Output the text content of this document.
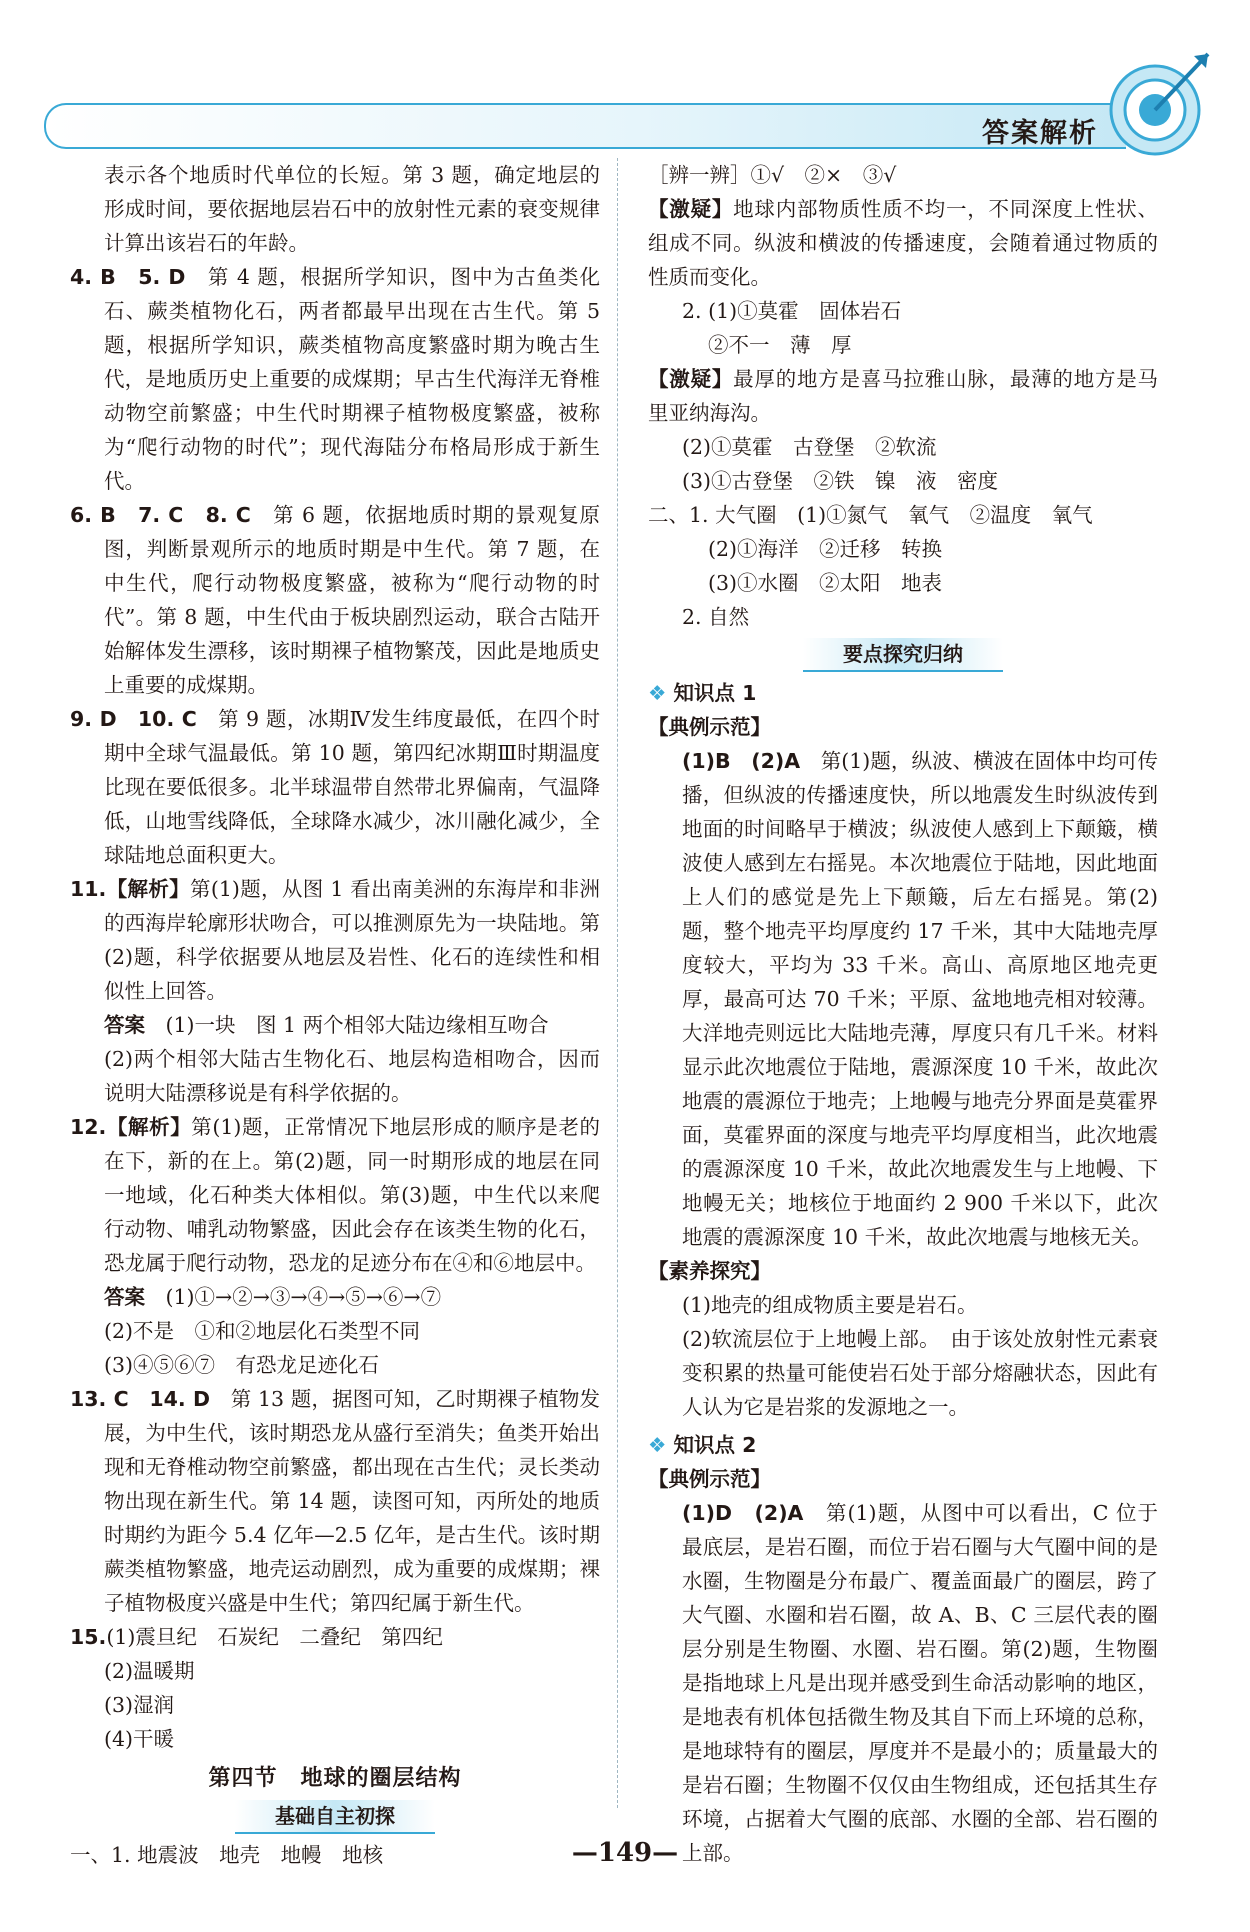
答案解析

表示各个地质时代单位的长短。第 3 题，确定地层的形成时间，要依据地层岩石中的放射性元素的衰变规律计算出该岩石的年龄。

4. B　5. D　 第 4 题，根据所学知识，图中为古鱼类化石、蕨类植物化石，两者都最早出现在古生代。第 5 题，根据所学知识，蕨类植物高度繁盛时期为晚古生代，是地质历史上重要的成煤期；早古生代海洋无脊椎动物空前繁盛；中生代时期裸子植物极度繁盛，被称为“爬行动物的时代”；现代海陆分布格局形成于新生代。

6. B　7. C　8. C　 第 6 题，依据地质时期的景观复原图，判断景观所示的地质时期是中生代。第 7 题，在中生代，爬行动物极度繁盛，被称为“爬行动物的时代”。第 8 题，中生代由于板块剧烈运动，联合古陆开始解体发生漂移，该时期裸子植物繁茂，因此是地质史上重要的成煤期。

9. D　10. C　 第 9 题，冰期Ⅳ发生纬度最低，在四个时期中全球气温最低。第 10 题，第四纪冰期Ⅲ时期温度比现在要低很多。北半球温带自然带北界偏南，气温降低，山地雪线降低，全球降水减少，冰川融化减少，全球陆地总面积更大。

11.【解析】第(1)题，从图 1 看出南美洲的东海岸和非洲的西海岸轮廓形状吻合，可以推测原先为一块陆地。第(2)题，科学依据要从地层及岩性、化石的连续性和相似性上回答。

答案　 (1)一块　图 1 两个相邻大陆边缘相互吻合

(2)两个相邻大陆古生物化石、地层构造相吻合，因而说明大陆漂移说是有科学依据的。

12.【解析】第(1)题，正常情况下地层形成的顺序是老的在下，新的在上。第(2)题，同一时期形成的地层在同一地域，化石种类大体相似。第(3)题，中生代以来爬行动物、哺乳动物繁盛，因此会存在该类生物的化石，恐龙属于爬行动物，恐龙的足迹分布在④和⑥地层中。

答案　 (1)①→②→③→④→⑤→⑥→⑦

(2)不是　①和②地层化石类型不同

(3)④⑤⑥⑦　有恐龙足迹化石

13. C　14. D　 第 13 题，据图可知，乙时期裸子植物发展，为中生代，该时期恐龙从盛行至消失；鱼类开始出现和无脊椎动物空前繁盛，都出现在古生代；灵长类动物出现在新生代。第 14 题，读图可知，丙所处的地质时期约为距今 5.4 亿年—2.5 亿年，是古生代。该时期蕨类植物繁盛，地壳运动剧烈，成为重要的成煤期；裸子植物极度兴盛是中生代；第四纪属于新生代。

15.(1)震旦纪　石炭纪　二叠纪　第四纪

(2)温暖期

(3)湿润

(4)干暖

第四节　地球的圈层结构
基础自主初探

一、1. 地震波　地壳　地幔　地核

［辨一辨］①√　②×　③√

【激疑】地球内部物质性质不均一，不同深度上性状、组成不同。纵波和横波的传播速度，会随着通过物质的性质而变化。

2. (1)①莫霍　固体岩石

②不一　薄　厚

【激疑】最厚的地方是喜马拉雅山脉，最薄的地方是马里亚纳海沟。

(2)①莫霍　古登堡　②软流

(3)①古登堡　②铁　镍　液　密度

二、1. 大气圈　(1)①氮气　氧气　②温度　氧气

(2)①海洋　②迁移　转换

(3)①水圈　②太阳　地表

2. 自然

要点探究归纳

❖ 知识点 1

【典例示范】

(1)B　(2)A　 第(1)题，纵波、横波在固体中均可传播，但纵波的传播速度快，所以地震发生时纵波传到地面的时间略早于横波；纵波使人感到上下颠簸，横波使人感到左右摇晃。本次地震位于陆地，因此地面上人们的感觉是先上下颠簸，后左右摇晃。第(2)题，整个地壳平均厚度约 17 千米，其中大陆地壳厚度较大，平均为 33 千米。高山、高原地区地壳更厚，最高可达 70 千米；平原、盆地地壳相对较薄。大洋地壳则远比大陆地壳薄，厚度只有几千米。材料显示此次地震位于陆地，震源深度 10 千米，故此次地震的震源位于地壳；上地幔与地壳分界面是莫霍界面，莫霍界面的深度与地壳平均厚度相当，此次地震的震源深度 10 千米，故此次地震发生与上地幔、下地幔无关；地核位于地面约 2 900 千米以下，此次地震的震源深度 10 千米，故此次地震与地核无关。

【素养探究】

(1)地壳的组成物质主要是岩石。

(2)软流层位于上地幔上部。　由于该处放射性元素衰变积累的热量可能使岩石处于部分熔融状态，因此有人认为它是岩浆的发源地之一。

❖ 知识点 2

【典例示范】

(1)D　(2)A　 第(1)题，从图中可以看出，C 位于最底层，是岩石圈，而位于岩石圈与大气圈中间的是水圈，生物圈是分布最广、覆盖面最广的圈层，跨了大气圈、水圈和岩石圈，故 A、B、C 三层代表的圈层分别是生物圈、水圈、岩石圈。第(2)题，生物圈是指地球上凡是出现并感受到生命活动影响的地区，是地表有机体包括微生物及其自下而上环境的总称，是地球特有的圈层，厚度并不是最小的；质量最大的是岩石圈；生物圈不仅仅由生物组成，还包括其生存环境，占据着大气圈的底部、水圈的全部、岩石圈的上部。

—149—
